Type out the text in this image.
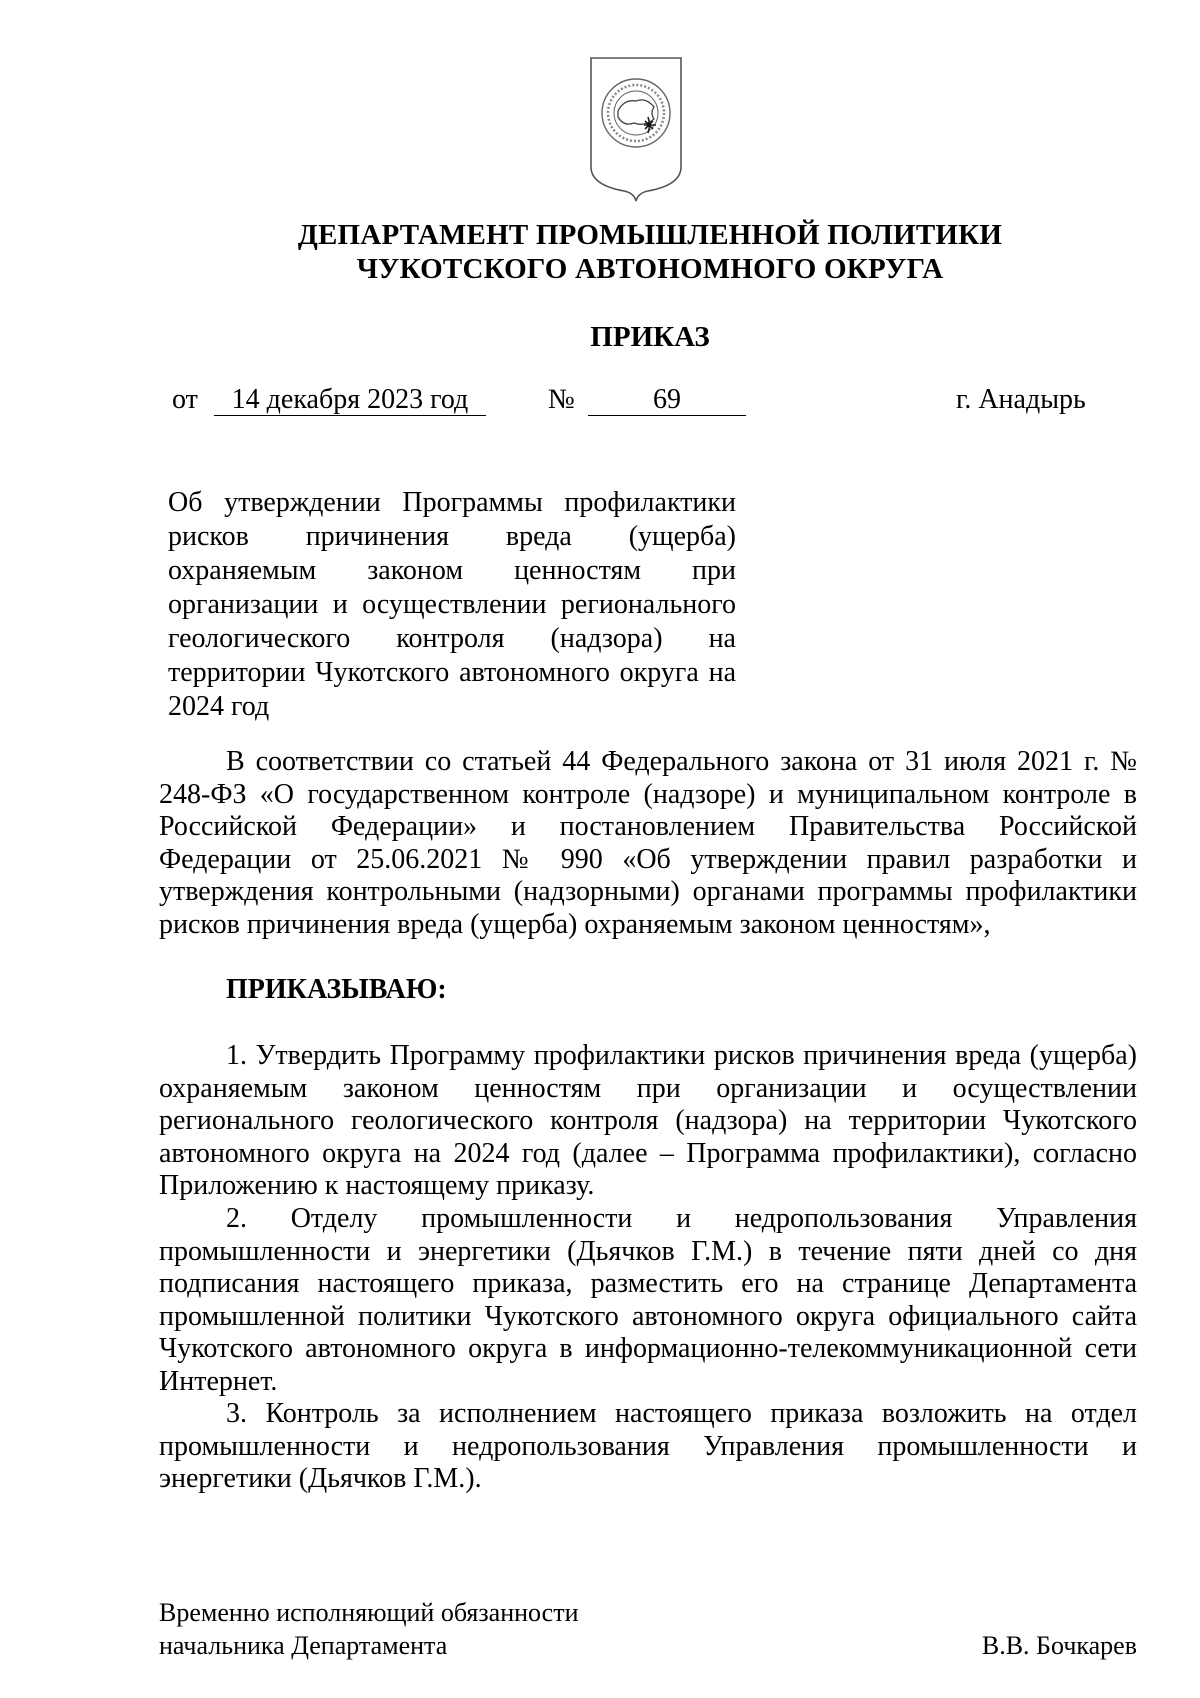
ДЕПАРТАМЕНТ ПРОМЫШЛЕННОЙ ПОЛИТИКИ
ЧУКОТСКОГО АВТОНОМНОГО ОКРУГА
ПРИКАЗ
от	14 декабря 2023 год	№	69	г. Анадырь
Об утверждении Программы профилактики рисков причинения вреда (ущерба) охраняемым законом ценностям при организации и осуществлении регионального геологического контроля (надзора) на территории Чукотского автономного округа на 2024 год

В соответствии со статьей 44 Федерального закона от 31 июля 2021 г. № 248-ФЗ «О государственном контроле (надзоре) и муниципальном контроле в Российской Федерации» и постановлением Правительства Российской Федерации от 25.06.2021 № 990 «Об утверждении правил разработки и утверждения контрольными (надзорными) органами программы профилактики рисков причинения вреда (ущерба) охраняемым законом ценностям»,

ПРИКАЗЫВАЮ:

1. Утвердить Программу профилактики рисков причинения вреда (ущерба) охраняемым законом ценностям при организации и осуществлении регионального геологического контроля (надзора) на территории Чукотского автономного округа на 2024 год (далее – Программа профилактики), согласно Приложению к настоящему приказу.

2. Отделу промышленности и недропользования Управления промышленности и энергетики (Дьячков Г.М.) в течение пяти дней со дня подписания настоящего приказа, разместить его на странице Департамента промышленной политики Чукотского автономного округа официального сайта Чукотского автономного округа в информационно-телекоммуникационной сети Интернет.

3. Контроль за исполнением настоящего приказа возложить на отдел промышленности и недропользования Управления промышленности и энергетики (Дьячков Г.М.).

Временно исполняющий обязанности
начальника Департамента	В.В. Бочкарев
